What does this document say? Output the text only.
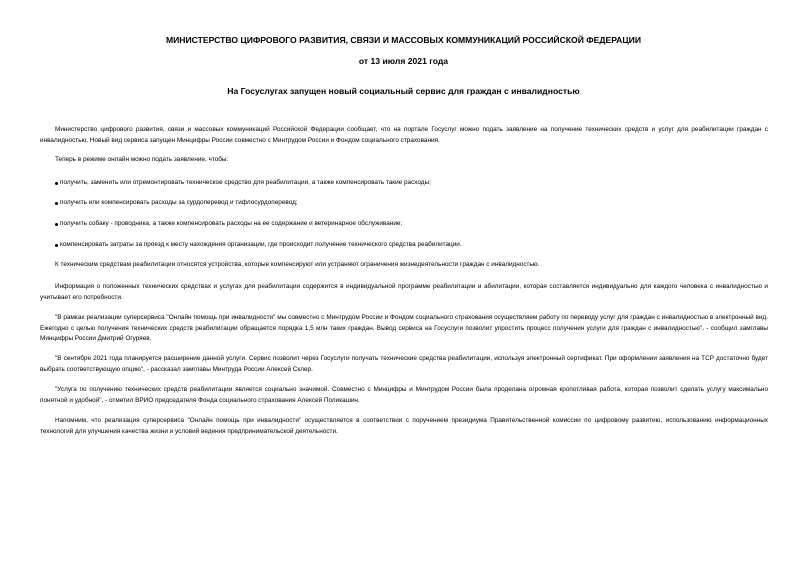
МИНИСТЕРСТВО ЦИФРОВОГО РАЗВИТИЯ, СВЯЗИ И МАССОВЫХ КОММУНИКАЦИЙ РОССИЙСКОЙ ФЕДЕРАЦИИ
от 13 июля 2021 года
На Госуслугах запущен новый социальный сервис для граждан с инвалидностью

Министерство цифрового развития, связи и массовых коммуникаций Российской Федерации сообщает, что на портале Госуслуг можно подать заявление на получение технических средств и услуг для реабилитации граждан с инвалидностью. Новый вид сервиса запущен Минцифры России совместно с Минтрудом России и Фондом социального страхования.

Теперь в режиме онлайн можно подать заявление, чтобы:

получить, заменить или отремонтировать техническое средство для реабилитации, а также компенсировать такие расходы;
получить или компенсировать расходы за сурдоперевод и тифлосурдоперевод;
получить собаку - проводника, а также компенсировать расходы на ее содержание и ветеринарное обслуживание;
компенсировать затраты за проезд к месту нахождения организации, где происходит получение технического средства реабилитации.

К техническим средствам реабилитации относятся устройства, которые компенсируют или устраняют ограничения жизнедеятельности граждан с инвалидностью.

Информация о положенных технических средствах и услугах для реабилитации содержится в индивидуальной программе реабилитации и абилитации, которая составляется индивидуально для каждого человека с инвалидностью и учитывает его потребности.

"В рамках реализации суперсервиса "Онлайн помощь при инвалидности" мы совместно с Минтрудом России и Фондом социального страхования осуществляем работу по переводу услуг для граждан с инвалидностью в электронный вид. Ежегодно с целью получения технических средств реабилитации обращается порядка 1,5 млн таких граждан. Вывод сервиса на Госуслуги позволит упростить процесс получения услуги для граждан с инвалидностью", - сообщил замглавы Минцифры России Дмитрий Огуряев.

"В сентябре 2021 года планируется расширение данной услуги. Сервис позволит через Госуслуги получать технические средства реабилитации, используя электронный сертификат. При оформлении заявления на ТСР достаточно будет выбрать соответствующую опцию", - рассказал замглавы Минтруда России Алексей Склер.

"Услуга по получению технических средств реабилитации является социально значимой. Совместно с Минцифры и Минтрудом России была проделана огромная кропотливая работа, которая позволит сделать услугу максимально понятной и удобной", - отметил ВРИО председателя Фонда социального страхования Алексей Поликашин.

Напомним, что реализация суперсервиса "Онлайн помощь при инвалидности" осуществляется в соответствии с поручением президиума Правительственной комиссии по цифровому развитию, использованию информационных технологий для улучшения качества жизни и условий ведения предпринимательской деятельности.
